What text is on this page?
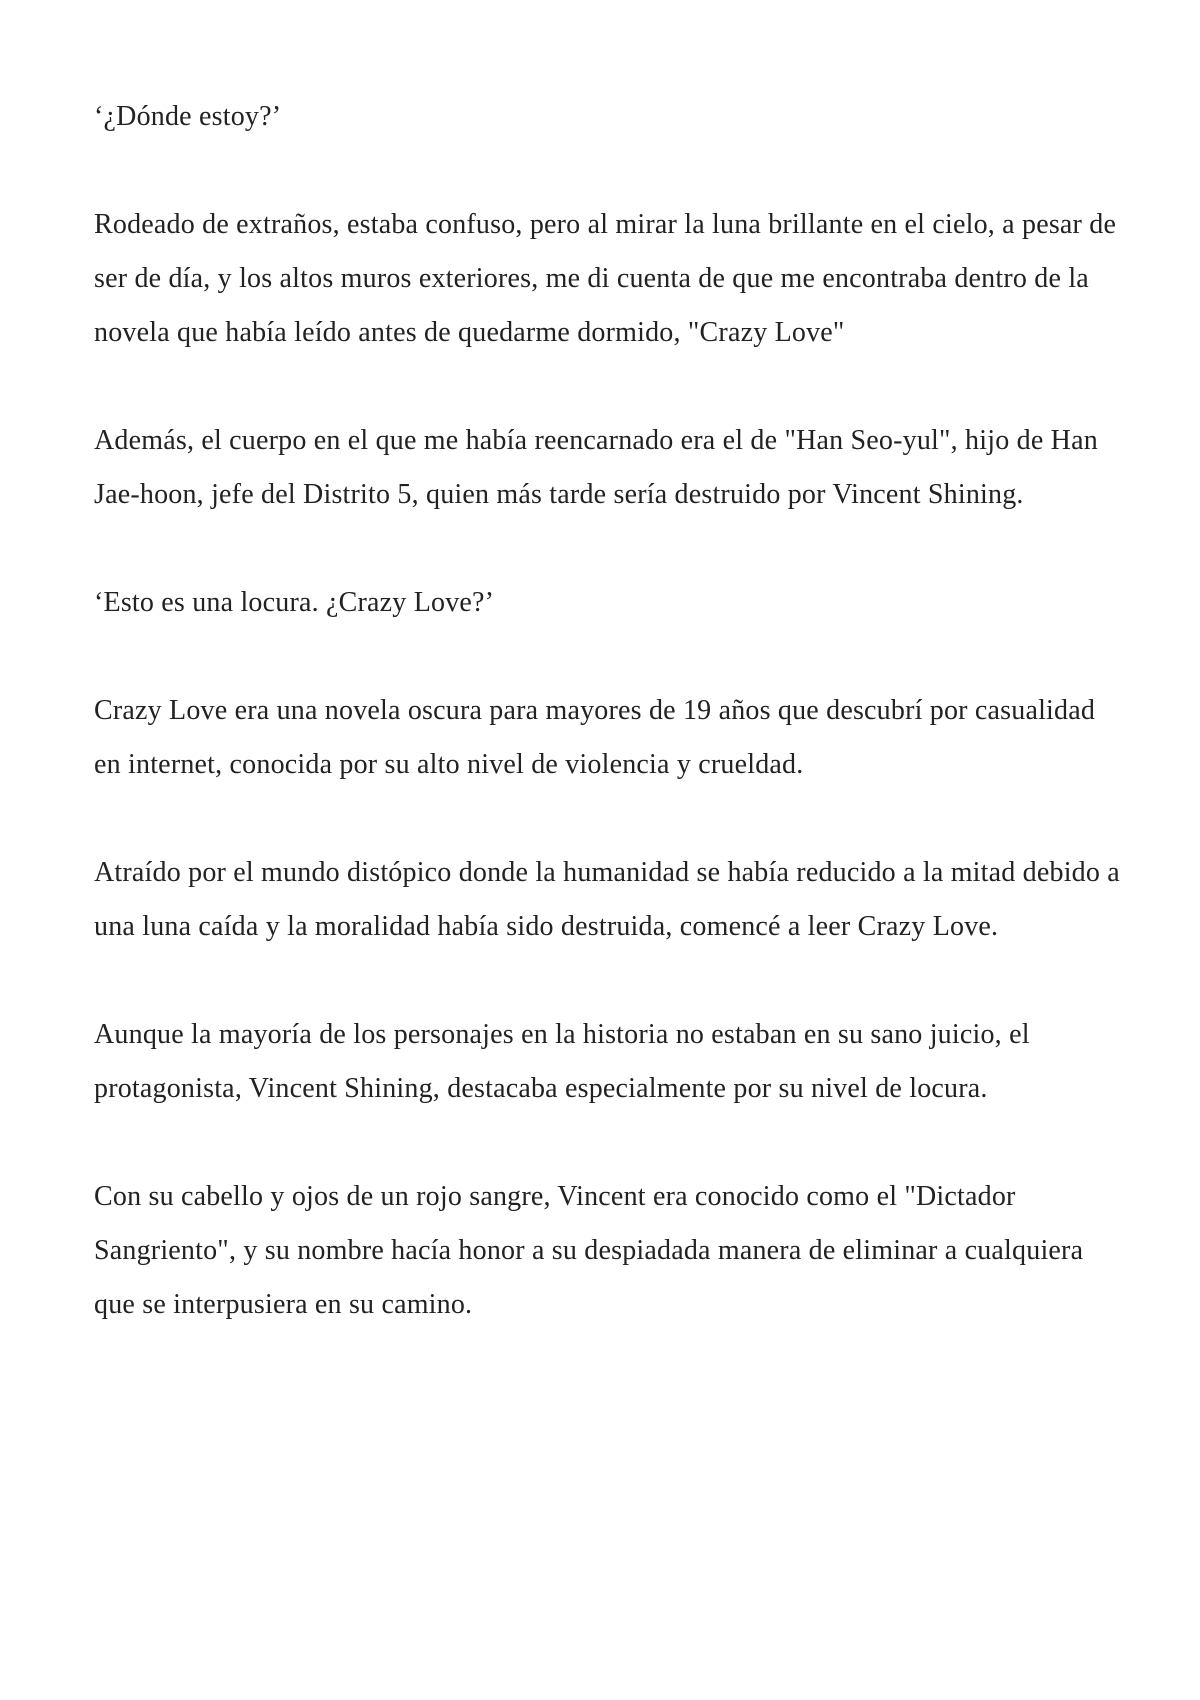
‘¿Dónde estoy?’

Rodeado de extraños, estaba confuso, pero al mirar la luna brillante en el cielo, a pesar de ser de día, y los altos muros exteriores, me di cuenta de que me encontraba dentro de la novela que había leído antes de quedarme dormido, "Crazy Love"

Además, el cuerpo en el que me había reencarnado era el de "Han Seo-yul", hijo de Han Jae-hoon, jefe del Distrito 5, quien más tarde sería destruido por Vincent Shining.

‘Esto es una locura. ¿Crazy Love?’

Crazy Love era una novela oscura para mayores de 19 años que descubrí por casualidad en internet, conocida por su alto nivel de violencia y crueldad.

Atraído por el mundo distópico donde la humanidad se había reducido a la mitad debido a una luna caída y la moralidad había sido destruida, comencé a leer Crazy Love.

Aunque la mayoría de los personajes en la historia no estaban en su sano juicio, el protagonista, Vincent Shining, destacaba especialmente por su nivel de locura.

Con su cabello y ojos de un rojo sangre, Vincent era conocido como el "Dictador Sangriento", y su nombre hacía honor a su despiadada manera de eliminar a cualquiera que se interpusiera en su camino.
